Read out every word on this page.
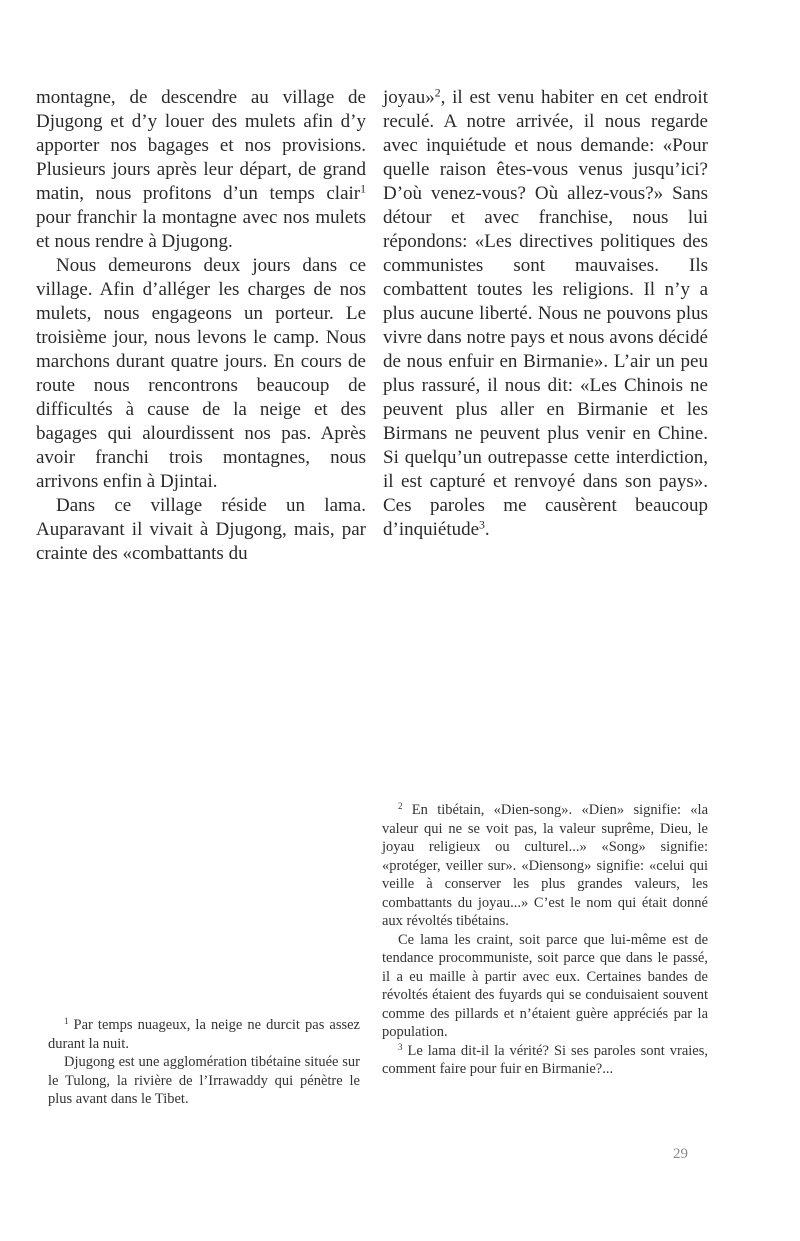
montagne, de descendre au village de Djugong et d’y louer des mulets afin d’y apporter nos bagages et nos provisions. Plusieurs jours après leur départ, de grand matin, nous profitons d’un temps clair$^1$ pour franchir la montagne avec nos mulets et nous rendre à Djugong.

Nous demeurons deux jours dans ce village. Afin d’alléger les charges de nos mulets, nous engageons un porteur. Le troisième jour, nous levons le camp. Nous marchons durant quatre jours. En cours de route nous rencontrons beaucoup de difficultés à cause de la neige et des bagages qui alourdissent nos pas. Après avoir franchi trois montagnes, nous arrivons enfin à Djintai.

Dans ce village réside un lama. Auparavant il vivait à Djugong, mais, par crainte des «combattants du

joyau»$^2$, il est venu habiter en cet endroit reculé. A notre arrivée, il nous regarde avec inquiétude et nous demande: «Pour quelle raison êtes-vous venus jusqu’ici? D’où venez-vous? Où allez-vous?» Sans détour et avec franchise, nous lui répondons: «Les directives politiques des communistes sont mauvaises. Ils combattent toutes les religions. Il n’y a plus aucune liberté. Nous ne pouvons plus vivre dans notre pays et nous avons décidé de nous enfuir en Birmanie». L’air un peu plus rassuré, il nous dit: «Les Chinois ne peuvent plus aller en Birmanie et les Birmans ne peuvent plus venir en Chine. Si quelqu’un outrepasse cette interdiction, il est capturé et renvoyé dans son pays». Ces paroles me causèrent beaucoup d’inquiétude$^3$.

$^1$ Par temps nuageux, la neige ne durcit pas assez durant la nuit.

Djugong est une agglomération tibétaine située sur le Tulong, la rivière de l’Irrawaddy qui pénètre le plus avant dans le Tibet.

$^2$ En tibétain, «Dien-song». «Dien» signifie: «la valeur qui ne se voit pas, la valeur suprême, Dieu, le joyau religieux ou culturel...» «Song» signifie: «protéger, veiller sur». «Diensong» signifie: «celui qui veille à conserver les plus grandes valeurs, les combattants du joyau...» C’est le nom qui était donné aux révoltés tibétains.

Ce lama les craint, soit parce que lui-même est de tendance procommuniste, soit parce que dans le passé, il a eu maille à partir avec eux. Certaines bandes de révoltés étaient des fuyards qui se conduisaient souvent comme des pillards et n’étaient guère appréciés par la population.

$^3$ Le lama dit-il la vérité? Si ses paroles sont vraies, comment faire pour fuir en Birmanie?...

29
